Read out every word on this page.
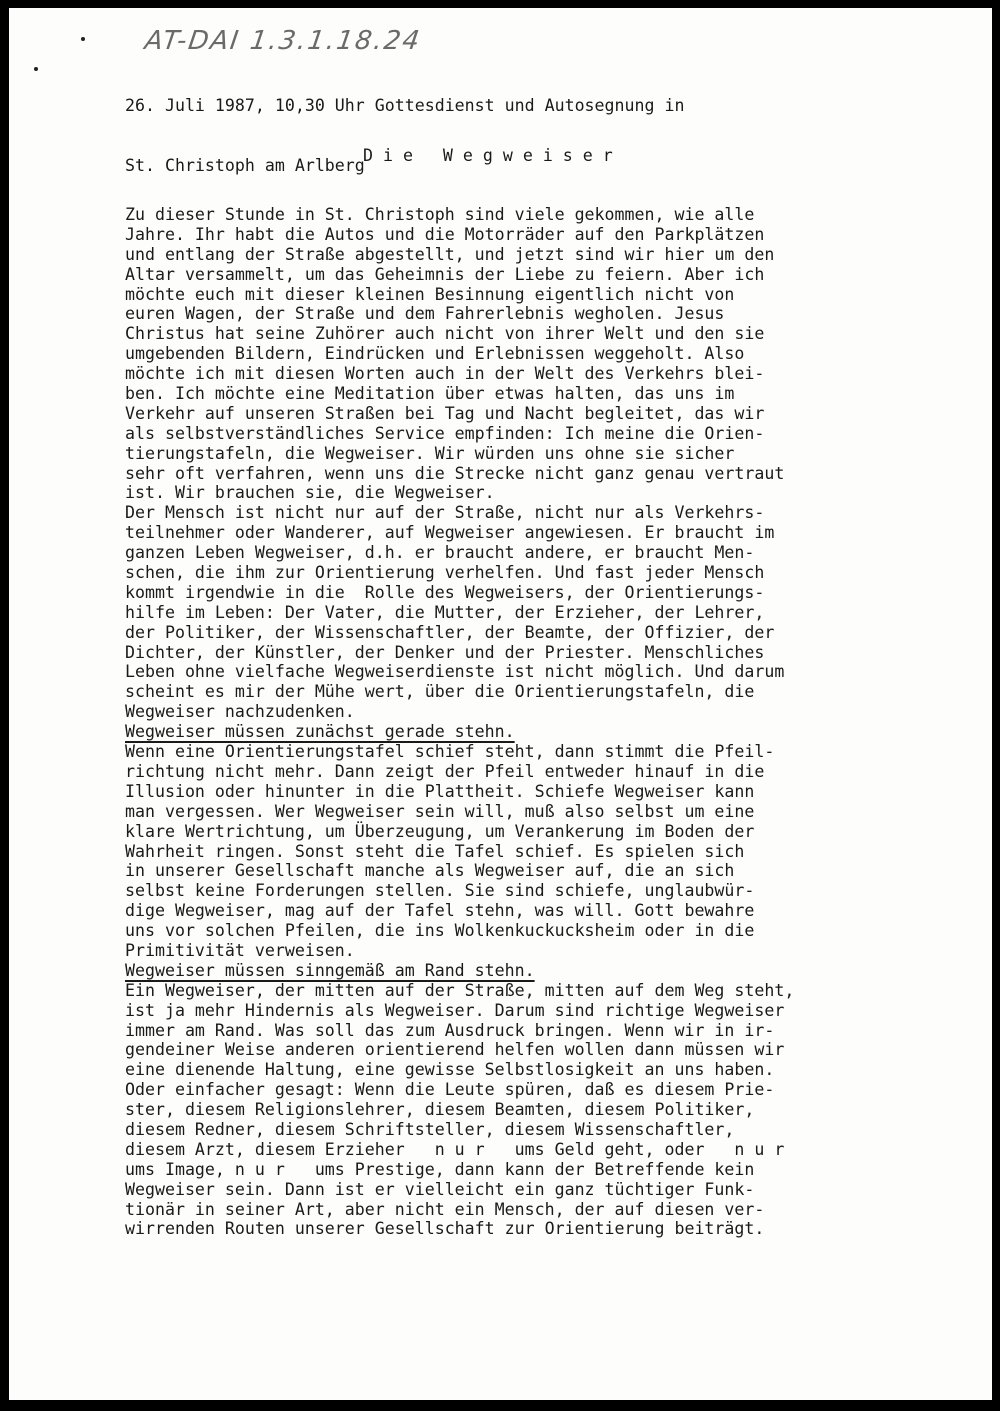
AT-DAI 1.3.1.18.24

26. Juli 1987, 10,30 Uhr Gottesdienst und Autosegnung in

St. Christoph am Arlberg

D i e   W e g w e i s e r
Zu dieser Stunde in St. Christoph sind viele gekommen, wie alle
Jahre. Ihr habt die Autos und die Motorräder auf den Parkplätzen
und entlang der Straße abgestellt, und jetzt sind wir hier um den
Altar versammelt, um das Geheimnis der Liebe zu feiern. Aber ich
möchte euch mit dieser kleinen Besinnung eigentlich nicht von
euren Wagen, der Straße und dem Fahrerlebnis wegholen. Jesus
Christus hat seine Zuhörer auch nicht von ihrer Welt und den sie
umgebenden Bildern, Eindrücken und Erlebnissen weggeholt. Also
möchte ich mit diesen Worten auch in der Welt des Verkehrs blei-
ben. Ich möchte eine Meditation über etwas halten, das uns im
Verkehr auf unseren Straßen bei Tag und Nacht begleitet, das wir
als selbstverständliches Service empfinden: Ich meine die Orien-
tierungstafeln, die Wegweiser. Wir würden uns ohne sie sicher
sehr oft verfahren, wenn uns die Strecke nicht ganz genau vertraut
ist. Wir brauchen sie, die Wegweiser.
Der Mensch ist nicht nur auf der Straße, nicht nur als Verkehrs-
teilnehmer oder Wanderer, auf Wegweiser angewiesen. Er braucht im
ganzen Leben Wegweiser, d.h. er braucht andere, er braucht Men-
schen, die ihm zur Orientierung verhelfen. Und fast jeder Mensch
kommt irgendwie in die  Rolle des Wegweisers, der Orientierungs-
hilfe im Leben: Der Vater, die Mutter, der Erzieher, der Lehrer,
der Politiker, der Wissenschaftler, der Beamte, der Offizier, der
Dichter, der Künstler, der Denker und der Priester. Menschliches
Leben ohne vielfache Wegweiserdienste ist nicht möglich. Und darum
scheint es mir der Mühe wert, über die Orientierungstafeln, die
Wegweiser nachzudenken.
Wegweiser müssen zunächst gerade stehn.
Wenn eine Orientierungstafel schief steht, dann stimmt die Pfeil-
richtung nicht mehr. Dann zeigt der Pfeil entweder hinauf in die
Illusion oder hinunter in die Plattheit. Schiefe Wegweiser kann
man vergessen. Wer Wegweiser sein will, muß also selbst um eine
klare Wertrichtung, um Überzeugung, um Verankerung im Boden der
Wahrheit ringen. Sonst steht die Tafel schief. Es spielen sich
in unserer Gesellschaft manche als Wegweiser auf, die an sich
selbst keine Forderungen stellen. Sie sind schiefe, unglaubwür-
dige Wegweiser, mag auf der Tafel stehn, was will. Gott bewahre
uns vor solchen Pfeilen, die ins Wolkenkuckucksheim oder in die
Primitivität verweisen.
Wegweiser müssen sinngemäß am Rand stehn.
Ein Wegweiser, der mitten auf der Straße, mitten auf dem Weg steht,
ist ja mehr Hindernis als Wegweiser. Darum sind richtige Wegweiser
immer am Rand. Was soll das zum Ausdruck bringen. Wenn wir in ir-
gendeiner Weise anderen orientierend helfen wollen dann müssen wir
eine dienende Haltung, eine gewisse Selbstlosigkeit an uns haben.
Oder einfacher gesagt: Wenn die Leute spüren, daß es diesem Prie-
ster, diesem Religionslehrer, diesem Beamten, diesem Politiker,
diesem Redner, diesem Schriftsteller, diesem Wissenschaftler,
diesem Arzt, diesem Erzieher   n u r   ums Geld geht, oder   n u r
ums Image, n u r   ums Prestige, dann kann der Betreffende kein
Wegweiser sein. Dann ist er vielleicht ein ganz tüchtiger Funk-
tionär in seiner Art, aber nicht ein Mensch, der auf diesen ver-
wirrenden Routen unserer Gesellschaft zur Orientierung beiträgt.
